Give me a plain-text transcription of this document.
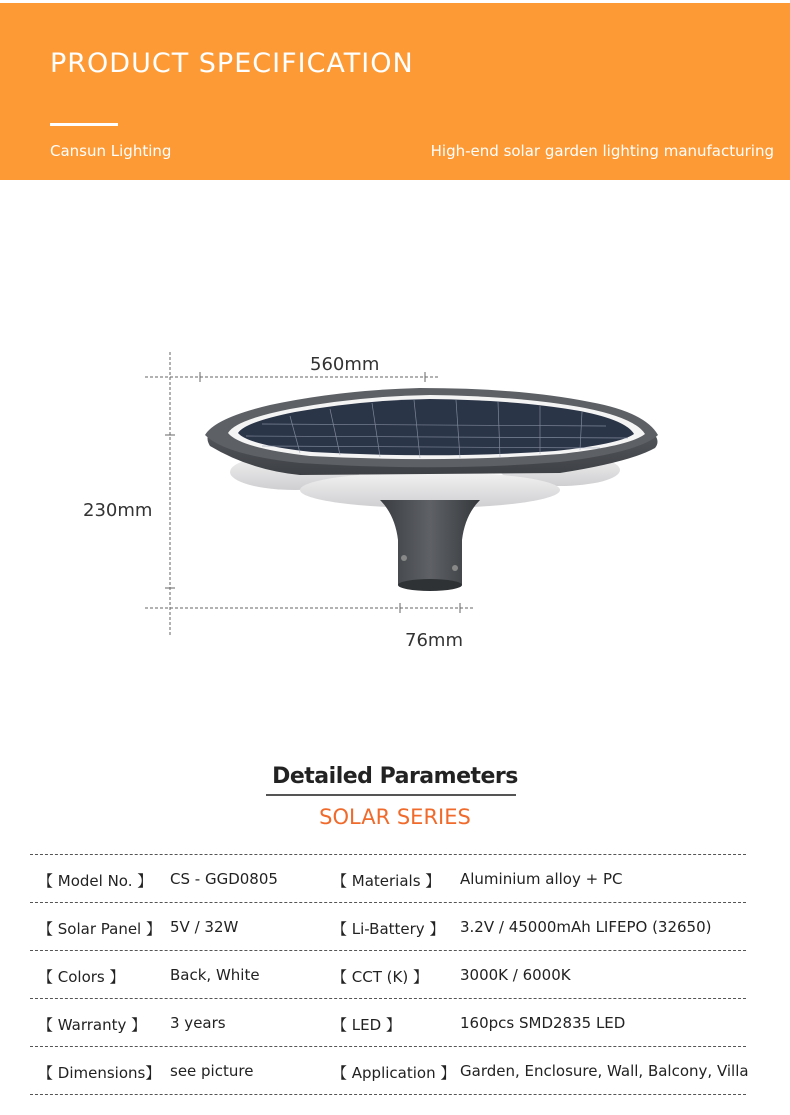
PRODUCT SPECIFICATION
Cansun Lighting	High-end solar garden lighting manufacturing
560mm
230mm
76mm
Detailed Parameters
SOLAR SERIES
【 Model No. 】 CS - GGD0805	【 Materials 】 Aluminium alloy + PC
【 Solar Panel 】 5V / 32W	【 Li-Battery 】 3.2V / 45000mAh LIFEPO (32650)
【 Colors 】	Back, White	【 CCT (K) 】 3000K / 6000K
【 Warranty 】 3 years	【 LED 】	160pcs SMD2835 LED
【 Dimensions】 see picture	【 Application 】 Garden, Enclosure, Wall, Balcony, Villa
